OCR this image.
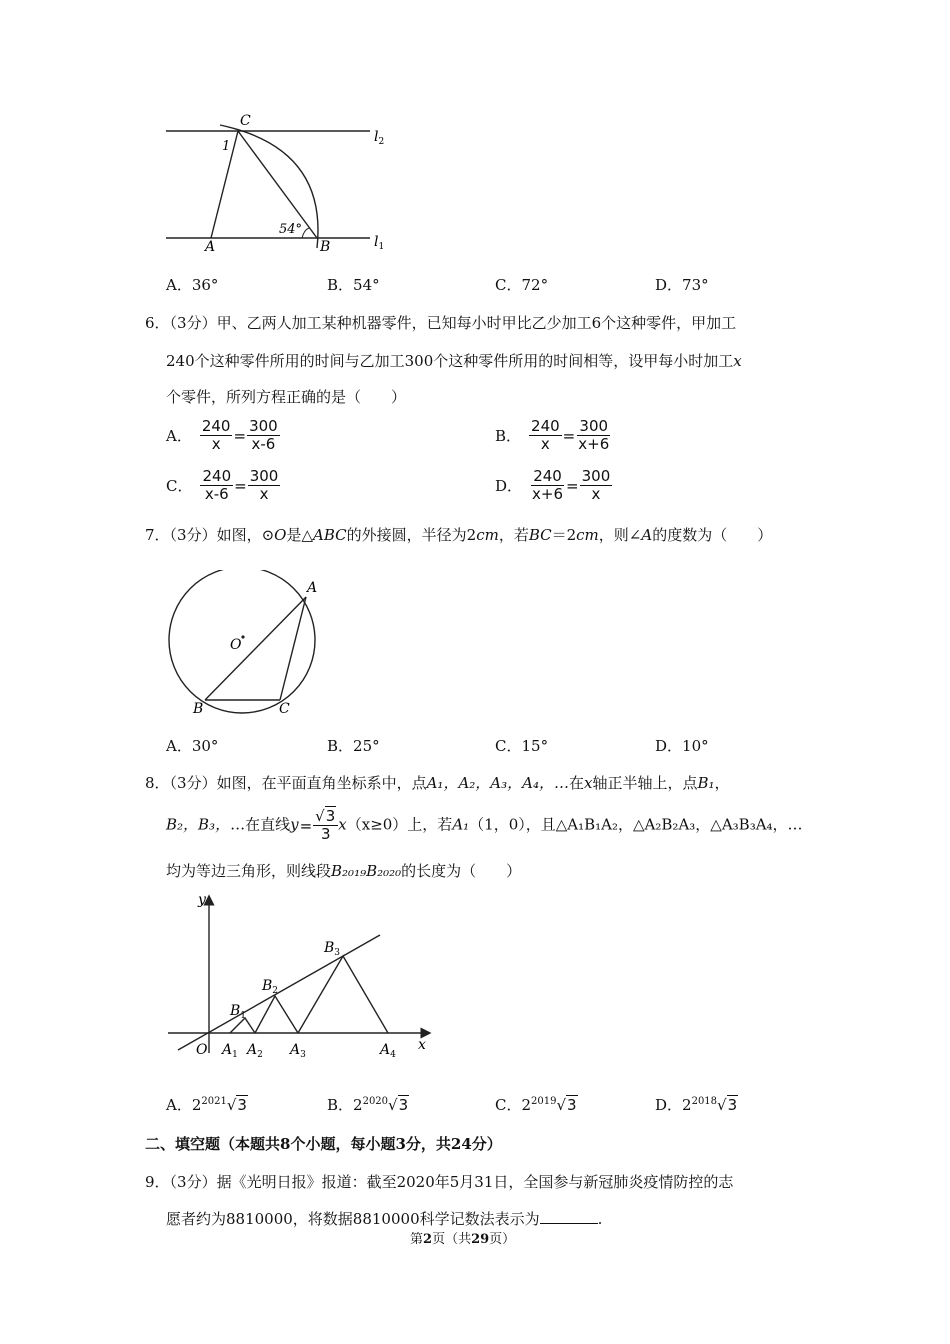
C
1
$l_2$
A
54°
B	$l_1$
A．36°	B．54°	C．72°	D．73°
6．（3分）甲、乙两人加工某种机器零件，已知每小时甲比乙少加工6个这种零件，甲加工
240个这种零件所用的时间与乙加工300个这种零件所用的时间相等，设甲每小时加工x
个零件，所列方程正确的是（　　）
A． $\frac{240}{x} = \frac{300}{x-6}$	B． $\frac{240}{x} = \frac{300}{x+6}$
C． $\frac{240}{x-6} = \frac{300}{x}$	D． $\frac{240}{x+6} = \frac{300}{x}$
7．（3分）如图，⊙O是△ABC的外接圆，半径为2cm，若BC＝2cm，则∠A的度数为（　　）
A
O
B	C
A．30°	B．25°	C．15°	D．10°
8．（3分）如图，在平面直角坐标系中，点A₁，A₂，A₃，A₄，…在x轴正半轴上，点B₁，
B₂，B₃，…在直线$y= \frac{√3}{3} x(x\ge 0)$上，若A₁（1，0），且△A₁B₁A₂，△A₂B₂A₃，△A₃B₃A₄，…
均为等边三角形，则线段B₂₀₁₉B₂₀₂₀的长度为（　　）
y
x
O
$B_1$
$B_2$
$B_3$
$A_1$ $A_2$ $A_3$	$A_4$
A．$2^{2021}√3$	B．$2^{2020}√3$	C．$2^{2019}√3$	D．$2^{2018}√3$
二、填空题（本题共8个小题，每小题3分，共24分）
9．（3分）据《光明日报》报道：截至2020年5月31日，全国参与新冠肺炎疫情防控的志
愿者约为8810000，将数据8810000科学记数法表示为	.
第2页（共29页）
